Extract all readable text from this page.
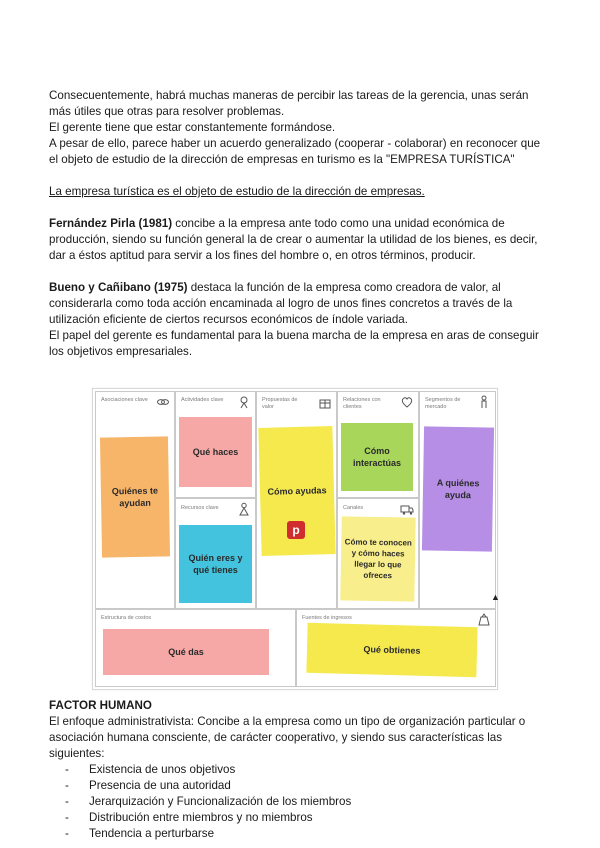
Consecuentemente, habrá muchas maneras de percibir las tareas de la gerencia, unas serán más útiles que otras para resolver problemas.

El gerente tiene que estar constantemente formándose.

A pesar de ello, parece haber un acuerdo generalizado (cooperar - colaborar) en reconocer que el objeto de estudio de la dirección de empresas en turismo es la "EMPRESA TURÍSTICA"

La empresa turística es el objeto de estudio de la dirección de empresas.

Fernández Pirla (1981) concibe a la empresa ante todo como una unidad económica de producción, siendo su función general la de crear o aumentar la utilidad de los bienes, es decir, dar a éstos aptitud para servir a los fines del hombre o, en otros términos, producir.

Bueno y Cañibano (1975) destaca la función de la empresa como creadora de valor, al considerarla como toda acción encaminada al logro de unos fines concretos a través de la utilización eficiente de ciertos recursos económicos de índole variada.

El papel del gerente es fundamental para la buena marcha de la empresa en aras de conseguir los objetivos empresariales.

Asociaciones clave	Actividades clave
Recursos clave
Propuestas de valor
Relaciones con clientes
Canales
Segmentos de mercado
Estructura de costos	Fuentes de ingresos
Quiénes te ayudan
Qué haces
Quién eres y qué tienes
Cómo ayudas
Cómo interactúas
Cómo te conocen y cómo haces llegar lo que ofreces
A quiénes ayuda
Qué das	Qué obtienes
p
▲
FACTOR HUMANO

El enfoque administrativista: Concibe a la empresa como un tipo de organización particular o asociación humana consciente, de carácter cooperativo, y siendo sus características las siguientes:

- Existencia de unos objetivos
- Presencia de una autoridad
- Jerarquización y Funcionalización de los miembros
- Distribución entre miembros y no miembros
- Tendencia a perturbarse
